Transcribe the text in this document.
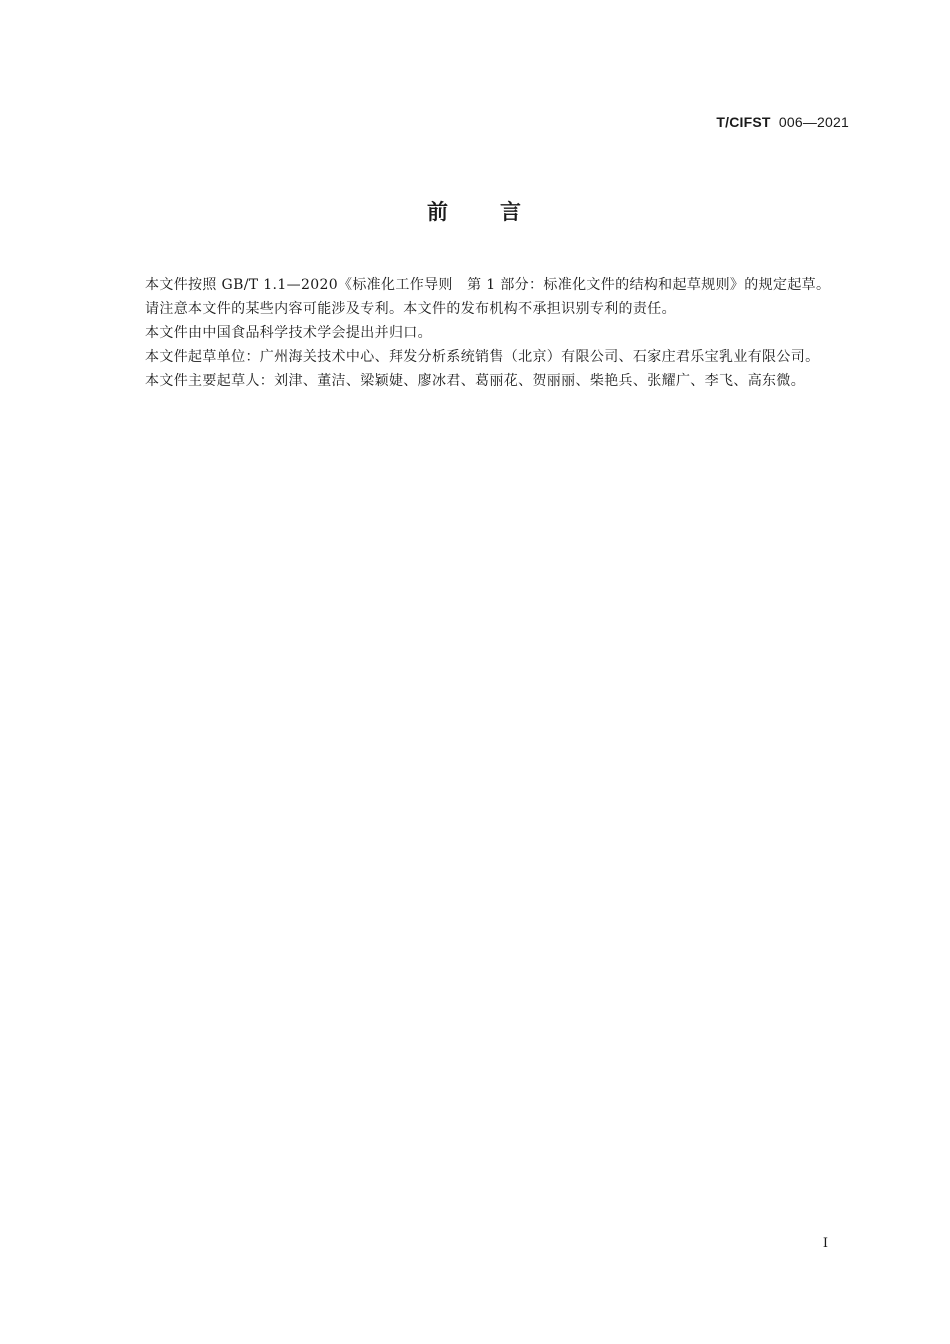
T/CIFST 006—2021
前 言

本文件按照 GB/T 1.1—2020《标准化工作导则　第 1 部分：标准化文件的结构和起草规则》的规定起草。

请注意本文件的某些内容可能涉及专利。本文件的发布机构不承担识别专利的责任。

本文件由中国食品科学技术学会提出并归口。

本文件起草单位：广州海关技术中心、拜发分析系统销售（北京）有限公司、石家庄君乐宝乳业有限公司。

本文件主要起草人：刘津、董洁、梁颖婕、廖冰君、葛丽花、贺丽丽、柴艳兵、张耀广、李飞、高东微。

I
